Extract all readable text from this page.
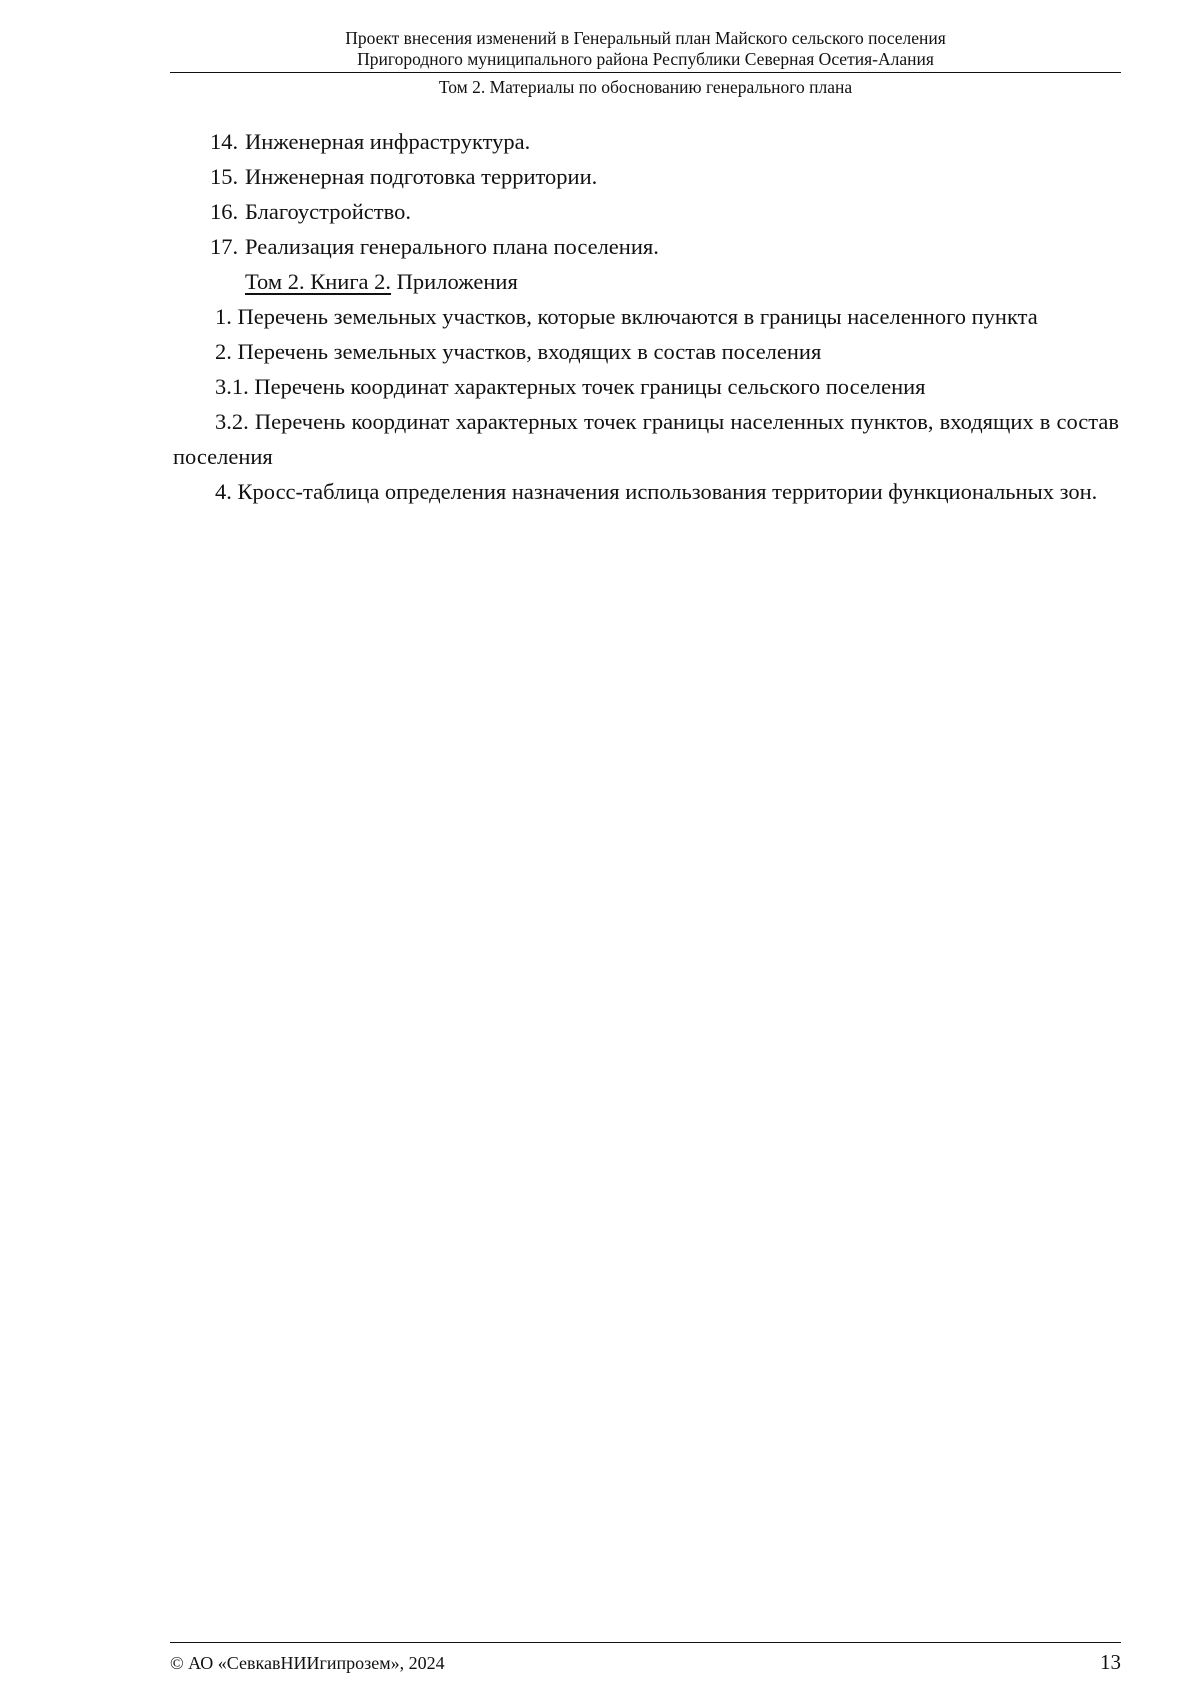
Проект внесения изменений в Генеральный план Майского сельского поселения
Пригородного муниципального района Республики Северная Осетия-Алания
Том 2. Материалы по обоснованию генерального плана
14. Инженерная инфраструктура.
15. Инженерная подготовка территории.
16. Благоустройство.
17. Реализация генерального плана поселения.
Том 2. Книга 2. Приложения
1. Перечень земельных участков, которые включаются в границы населенного пункта
2. Перечень земельных участков, входящих в состав поселения
3.1. Перечень координат характерных точек границы сельского поселения
3.2. Перечень координат характерных точек границы населенных пунктов, входящих в состав поселения
4. Кросс-таблица определения назначения использования территории функциональных зон.
© АО «СевкавНИИгипрозем», 2024	13
